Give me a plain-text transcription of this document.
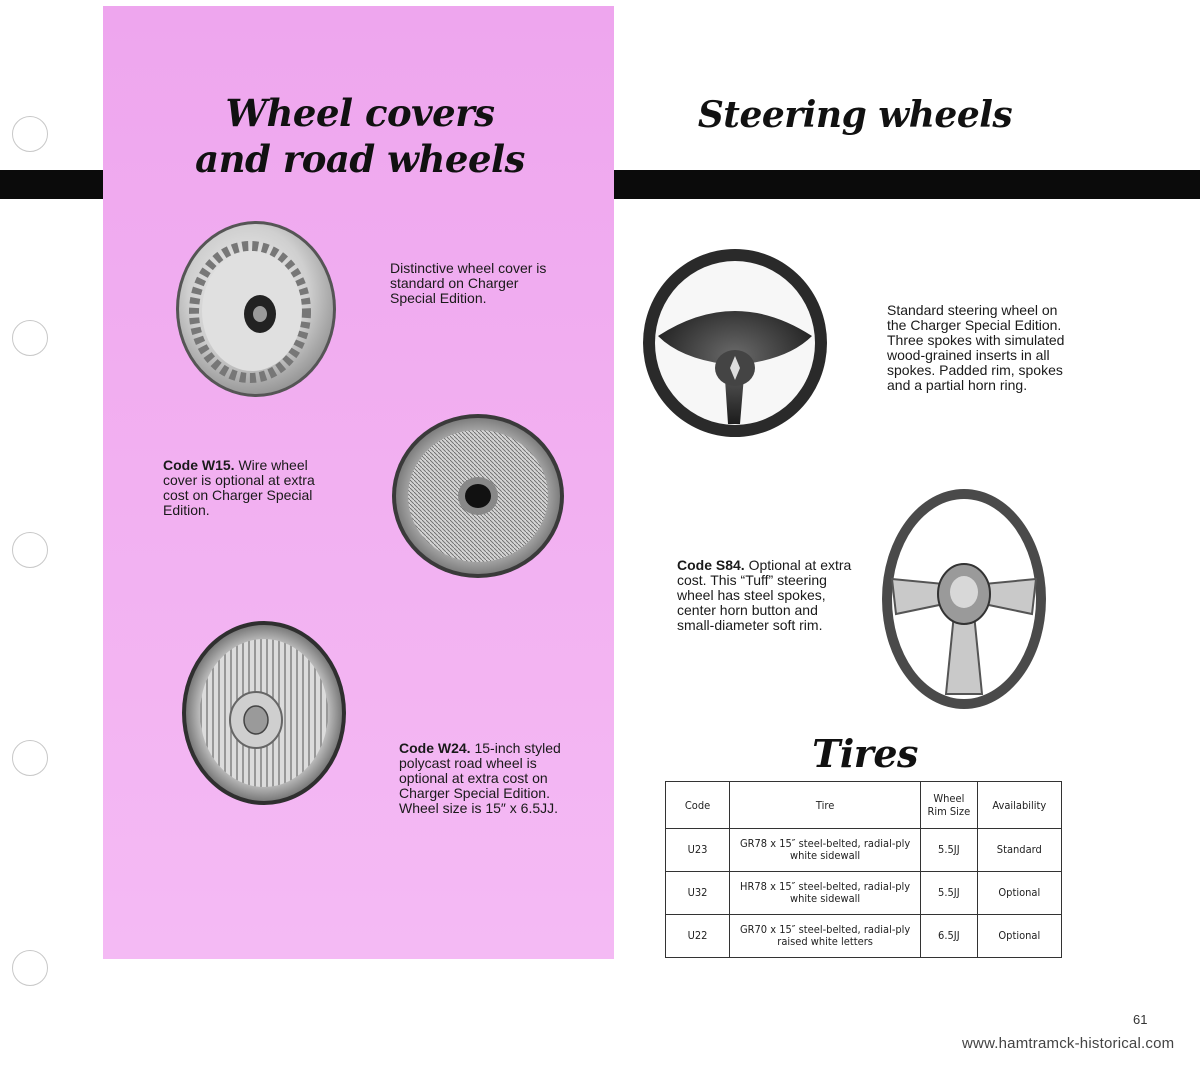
Wheel covers
and road wheels
Steering wheels

Distinctive wheel cover is standard on Charger Special Edition.

Code W15. Wire wheel cover is optional at extra cost on Charger Special Edition.

Code W24. 15-inch styled polycast road wheel is optional at extra cost on Charger Special Edition. Wheel size is 15″ x 6.5JJ.

Standard steering wheel on the Charger Special Edition. Three spokes with simulated wood-grained inserts in all spokes. Padded rim, spokes and a partial horn ring.

Code S84. Optional at extra cost. This “Tuff” steering wheel has steel spokes, center horn button and small-diameter soft rim.

Tires
Code	Tire	Wheel Rim Size	Availability
U23	GR78 x 15″ steel-belted, radial-ply white sidewall	5.5JJ	Standard
U32	HR78 x 15″ steel-belted, radial-ply white sidewall	5.5JJ	Optional
U22	GR70 x 15″ steel-belted, radial-ply raised white letters	6.5JJ	Optional
61
www.hamtramck-historical.com
